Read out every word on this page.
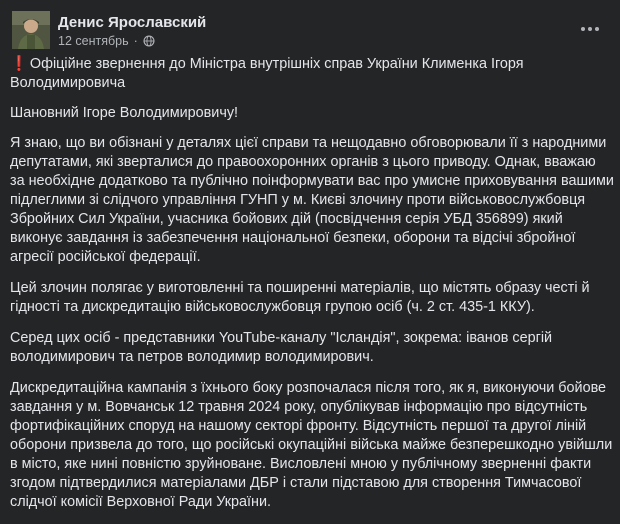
Денис Ярославский
12 сентябрь ·

❗ Офіційне звернення до Міністра внутрішніх справ України Клименка Ігоря Володимировича

Шановний Ігоре Володимировичу!

Я знаю, що ви обізнані у деталях цієї справи та нещодавно обговорювали її з народними депутатами, які зверталися до правоохоронних органів з цього приводу. Однак, вважаю за необхідне додатково та публічно поінформувати вас про умисне приховування вашими підлеглими зі слідчого управління ГУНП у м. Києві злочину проти військовослужбовця Збройних Сил України, учасника бойових дій (посвідчення серія УБД 356899) який виконує завдання із забезпечення національної безпеки, оборони та відсічі збройної агресії російської федерації.

Цей злочин полягає у виготовленні та поширенні матеріалів, що містять образу честі й гідності та дискредитацію військовослужбовця групою осіб (ч. 2 ст. 435-1 ККУ).

Серед цих осіб - представники YouTube-каналу "Ісландія", зокрема: іванов сергій володимирович та петров володимир володимирович.

Дискредитаційна кампанія з їхнього боку розпочалася після того, як я, виконуючи бойове завдання у м. Вовчанськ 12 травня 2024 року, опублікував інформацію про відсутність фортифікаційних споруд на нашому секторі фронту. Відсутність першої та другої ліній оборони призвела до того, що російські окупаційні війська майже безперешкодно увійшли в місто, яке нині повністю зруйноване. Висловлені мною у публічному зверненні факти згодом підтвердилися матеріалами ДБР і стали підставою для створення Тимчасової слідчої комісії Верховної Ради України.
